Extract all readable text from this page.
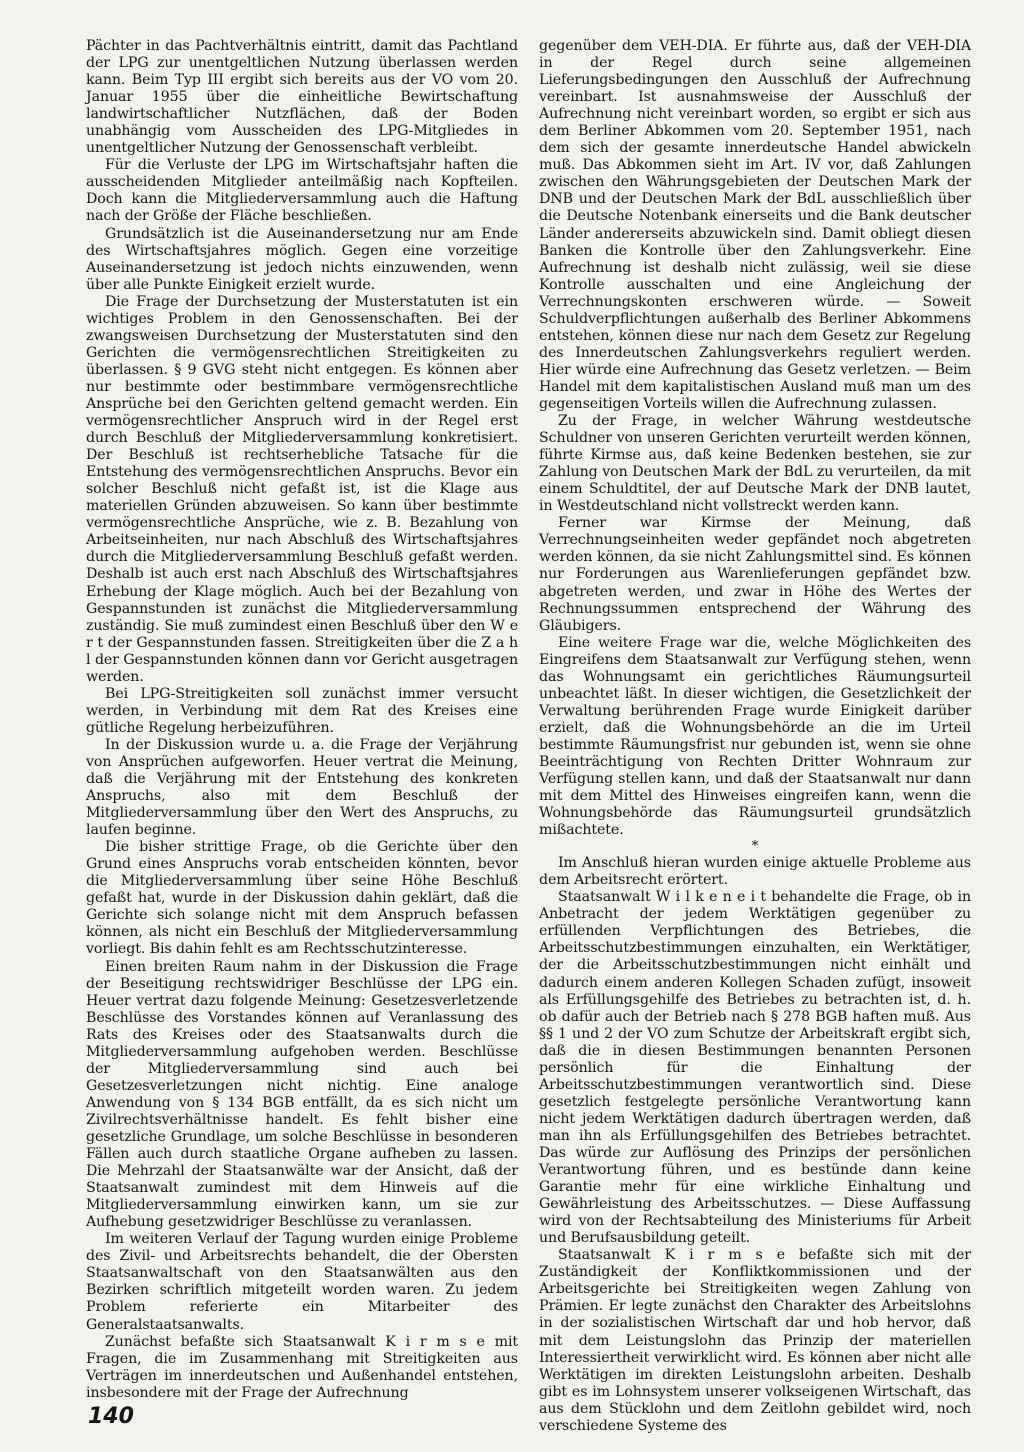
Pächter in das Pachtverhältnis eintritt, damit das Pachtland der LPG zur unentgeltlichen Nutzung überlassen werden kann. Beim Typ III ergibt sich bereits aus der VO vom 20. Januar 1955 über die einheitliche Bewirtschaftung landwirtschaftlicher Nutzflächen, daß der Boden unabhängig vom Ausscheiden des LPG-Mitgliedes in unentgeltlicher Nutzung der Genossenschaft verbleibt.

Für die Verluste der LPG im Wirtschaftsjahr haften die ausscheidenden Mitglieder anteilmäßig nach Kopfteilen. Doch kann die Mitgliederversammlung auch die Haftung nach der Größe der Fläche beschließen.

Grundsätzlich ist die Auseinandersetzung nur am Ende des Wirtschaftsjahres möglich. Gegen eine vorzeitige Auseinandersetzung ist jedoch nichts einzuwenden, wenn über alle Punkte Einigkeit erzielt wurde.

Die Frage der Durchsetzung der Musterstatuten ist ein wichtiges Problem in den Genossenschaften. Bei der zwangsweisen Durchsetzung der Musterstatuten sind den Gerichten die vermögensrechtlichen Streitigkeiten zu überlassen. § 9 GVG steht nicht entgegen. Es können aber nur bestimmte oder bestimmbare vermögensrechtliche Ansprüche bei den Gerichten geltend gemacht werden. Ein vermögensrechtlicher Anspruch wird in der Regel erst durch Beschluß der Mitgliederversammlung konkretisiert. Der Beschluß ist rechtserhebliche Tatsache für die Entstehung des vermögensrechtlichen Anspruchs. Bevor ein solcher Beschluß nicht gefaßt ist, ist die Klage aus materiellen Gründen abzuweisen. So kann über bestimmte vermögensrechtliche Ansprüche, wie z. B. Bezahlung von Arbeitseinheiten, nur nach Abschluß des Wirtschaftsjahres durch die Mitgliederversammlung Beschluß gefaßt werden. Deshalb ist auch erst nach Abschluß des Wirtschaftsjahres Erhebung der Klage möglich. Auch bei der Bezahlung von Gespannstunden ist zunächst die Mitgliederversammlung zuständig. Sie muß zumindest einen Beschluß über den W e r t der Gespannstunden fassen. Streitigkeiten über die Z a h l der Gespannstunden können dann vor Gericht ausgetragen werden.

Bei LPG-Streitigkeiten soll zunächst immer versucht werden, in Verbindung mit dem Rat des Kreises eine gütliche Regelung herbeizuführen.

In der Diskussion wurde u. a. die Frage der Verjährung von Ansprüchen aufgeworfen. Heuer vertrat die Meinung, daß die Verjährung mit der Entstehung des konkreten Anspruchs, also mit dem Beschluß der Mitgliederversammlung über den Wert des Anspruchs, zu laufen beginne.

Die bisher strittige Frage, ob die Gerichte über den Grund eines Anspruchs vorab entscheiden könnten, bevor die Mitgliederversammlung über seine Höhe Beschluß gefaßt hat, wurde in der Diskussion dahin geklärt, daß die Gerichte sich solange nicht mit dem Anspruch befassen können, als nicht ein Beschluß der Mitgliederversammlung vorliegt. Bis dahin fehlt es am Rechtsschutzinteresse.

Einen breiten Raum nahm in der Diskussion die Frage der Beseitigung rechtswidriger Beschlüsse der LPG ein. Heuer vertrat dazu folgende Meinung: Gesetzesverletzende Beschlüsse des Vorstandes können auf Veranlassung des Rats des Kreises oder des Staatsanwalts durch die Mitgliederversammlung aufgehoben werden. Beschlüsse der Mitgliederversammlung sind auch bei Gesetzesverletzungen nicht nichtig. Eine analoge Anwendung von § 134 BGB entfällt, da es sich nicht um Zivilrechtsverhältnisse handelt. Es fehlt bisher eine gesetzliche Grundlage, um solche Beschlüsse in besonderen Fällen auch durch staatliche Organe aufheben zu lassen. Die Mehrzahl der Staatsanwälte war der Ansicht, daß der Staatsanwalt zumindest mit dem Hinweis auf die Mitgliederversammlung einwirken kann, um sie zur Aufhebung gesetzwidriger Beschlüsse zu veranlassen.

Im weiteren Verlauf der Tagung wurden einige Probleme des Zivil- und Arbeitsrechts behandelt, die der Obersten Staatsanwaltschaft von den Staatsanwälten aus den Bezirken schriftlich mitgeteilt worden waren. Zu jedem Problem referierte ein Mitarbeiter des Generalstaatsanwalts.

Zunächst befaßte sich Staatsanwalt K i r m s e mit Fragen, die im Zusammenhang mit Streitigkeiten aus Verträgen im innerdeutschen und Außenhandel entstehen, insbesondere mit der Frage der Aufrechnung

gegenüber dem VEH-DIA. Er führte aus, daß der VEH-DIA in der Regel durch seine allgemeinen Lieferungsbedingungen den Ausschluß der Aufrechnung vereinbart. Ist ausnahmsweise der Ausschluß der Aufrechnung nicht vereinbart worden, so ergibt er sich aus dem Berliner Abkommen vom 20. September 1951, nach dem sich der gesamte innerdeutsche Handel abwickeln muß. Das Abkommen sieht im Art. IV vor, daß Zahlungen zwischen den Währungsgebieten der Deutschen Mark der DNB und der Deutschen Mark der BdL ausschließlich über die Deutsche Notenbank einerseits und die Bank deutscher Länder andererseits abzuwickeln sind. Damit obliegt diesen Banken die Kontrolle über den Zahlungsverkehr. Eine Aufrechnung ist deshalb nicht zulässig, weil sie diese Kontrolle ausschalten und eine Angleichung der Verrechnungskonten erschweren würde. — Soweit Schuldverpflichtungen außerhalb des Berliner Abkommens entstehen, können diese nur nach dem Gesetz zur Regelung des Innerdeutschen Zahlungsverkehrs reguliert werden. Hier würde eine Aufrechnung das Gesetz verletzen. — Beim Handel mit dem kapitalistischen Ausland muß man um des gegenseitigen Vorteils willen die Aufrechnung zulassen.

Zu der Frage, in welcher Währung westdeutsche Schuldner von unseren Gerichten verurteilt werden können, führte Kirmse aus, daß keine Bedenken bestehen, sie zur Zahlung von Deutschen Mark der BdL zu verurteilen, da mit einem Schuldtitel, der auf Deutsche Mark der DNB lautet, in Westdeutschland nicht vollstreckt werden kann.

Ferner war Kirmse der Meinung, daß Verrechnungseinheiten weder gepfändet noch abgetreten werden können, da sie nicht Zahlungsmittel sind. Es können nur Forderungen aus Warenlieferungen gepfändet bzw. abgetreten werden, und zwar in Höhe des Wertes der Rechnungssummen entsprechend der Währung des Gläubigers.

Eine weitere Frage war die, welche Möglichkeiten des Eingreifens dem Staatsanwalt zur Verfügung stehen, wenn das Wohnungsamt ein gerichtliches Räumungsurteil unbeachtet läßt. In dieser wichtigen, die Gesetzlichkeit der Verwaltung berührenden Frage wurde Einigkeit darüber erzielt, daß die Wohnungsbehörde an die im Urteil bestimmte Räumungsfrist nur gebunden ist, wenn sie ohne Beeinträchtigung von Rechten Dritter Wohnraum zur Verfügung stellen kann, und daß der Staatsanwalt nur dann mit dem Mittel des Hinweises eingreifen kann, wenn die Wohnungsbehörde das Räumungsurteil grundsätzlich mißachtete.

*

Im Anschluß hieran wurden einige aktuelle Probleme aus dem Arbeitsrecht erörtert.

Staatsanwalt W i l k e n e i t behandelte die Frage, ob in Anbetracht der jedem Werktätigen gegenüber zu erfüllenden Verpflichtungen des Betriebes, die Arbeitsschutzbestimmungen einzuhalten, ein Werktätiger, der die Arbeitsschutzbestimmungen nicht einhält und dadurch einem anderen Kollegen Schaden zufügt, insoweit als Erfüllungsgehilfe des Betriebes zu betrachten ist, d. h. ob dafür auch der Betrieb nach § 278 BGB haften muß. Aus §§ 1 und 2 der VO zum Schutze der Arbeitskraft ergibt sich, daß die in diesen Bestimmungen benannten Personen persönlich für die Einhaltung der Arbeitsschutzbestimmungen verantwortlich sind. Diese gesetzlich festgelegte persönliche Verantwortung kann nicht jedem Werktätigen dadurch übertragen werden, daß man ihn als Erfüllungsgehilfen des Betriebes betrachtet. Das würde zur Auflösung des Prinzips der persönlichen Verantwortung führen, und es bestünde dann keine Garantie mehr für eine wirkliche Einhaltung und Gewährleistung des Arbeitsschutzes. — Diese Auffassung wird von der Rechtsabteilung des Ministeriums für Arbeit und Berufsausbildung geteilt.

Staatsanwalt K i r m s e befaßte sich mit der Zuständigkeit der Konfliktkommissionen und der Arbeitsgerichte bei Streitigkeiten wegen Zahlung von Prämien. Er legte zunächst den Charakter des Arbeitslohns in der sozialistischen Wirtschaft dar und hob hervor, daß mit dem Leistungslohn das Prinzip der materiellen Interessiertheit verwirklicht wird. Es können aber nicht alle Werktätigen im direkten Leistungslohn arbeiten. Deshalb gibt es im Lohnsystem unserer volkseigenen Wirtschaft, das aus dem Stücklohn und dem Zeitlohn gebildet wird, noch verschiedene Systeme des

140
